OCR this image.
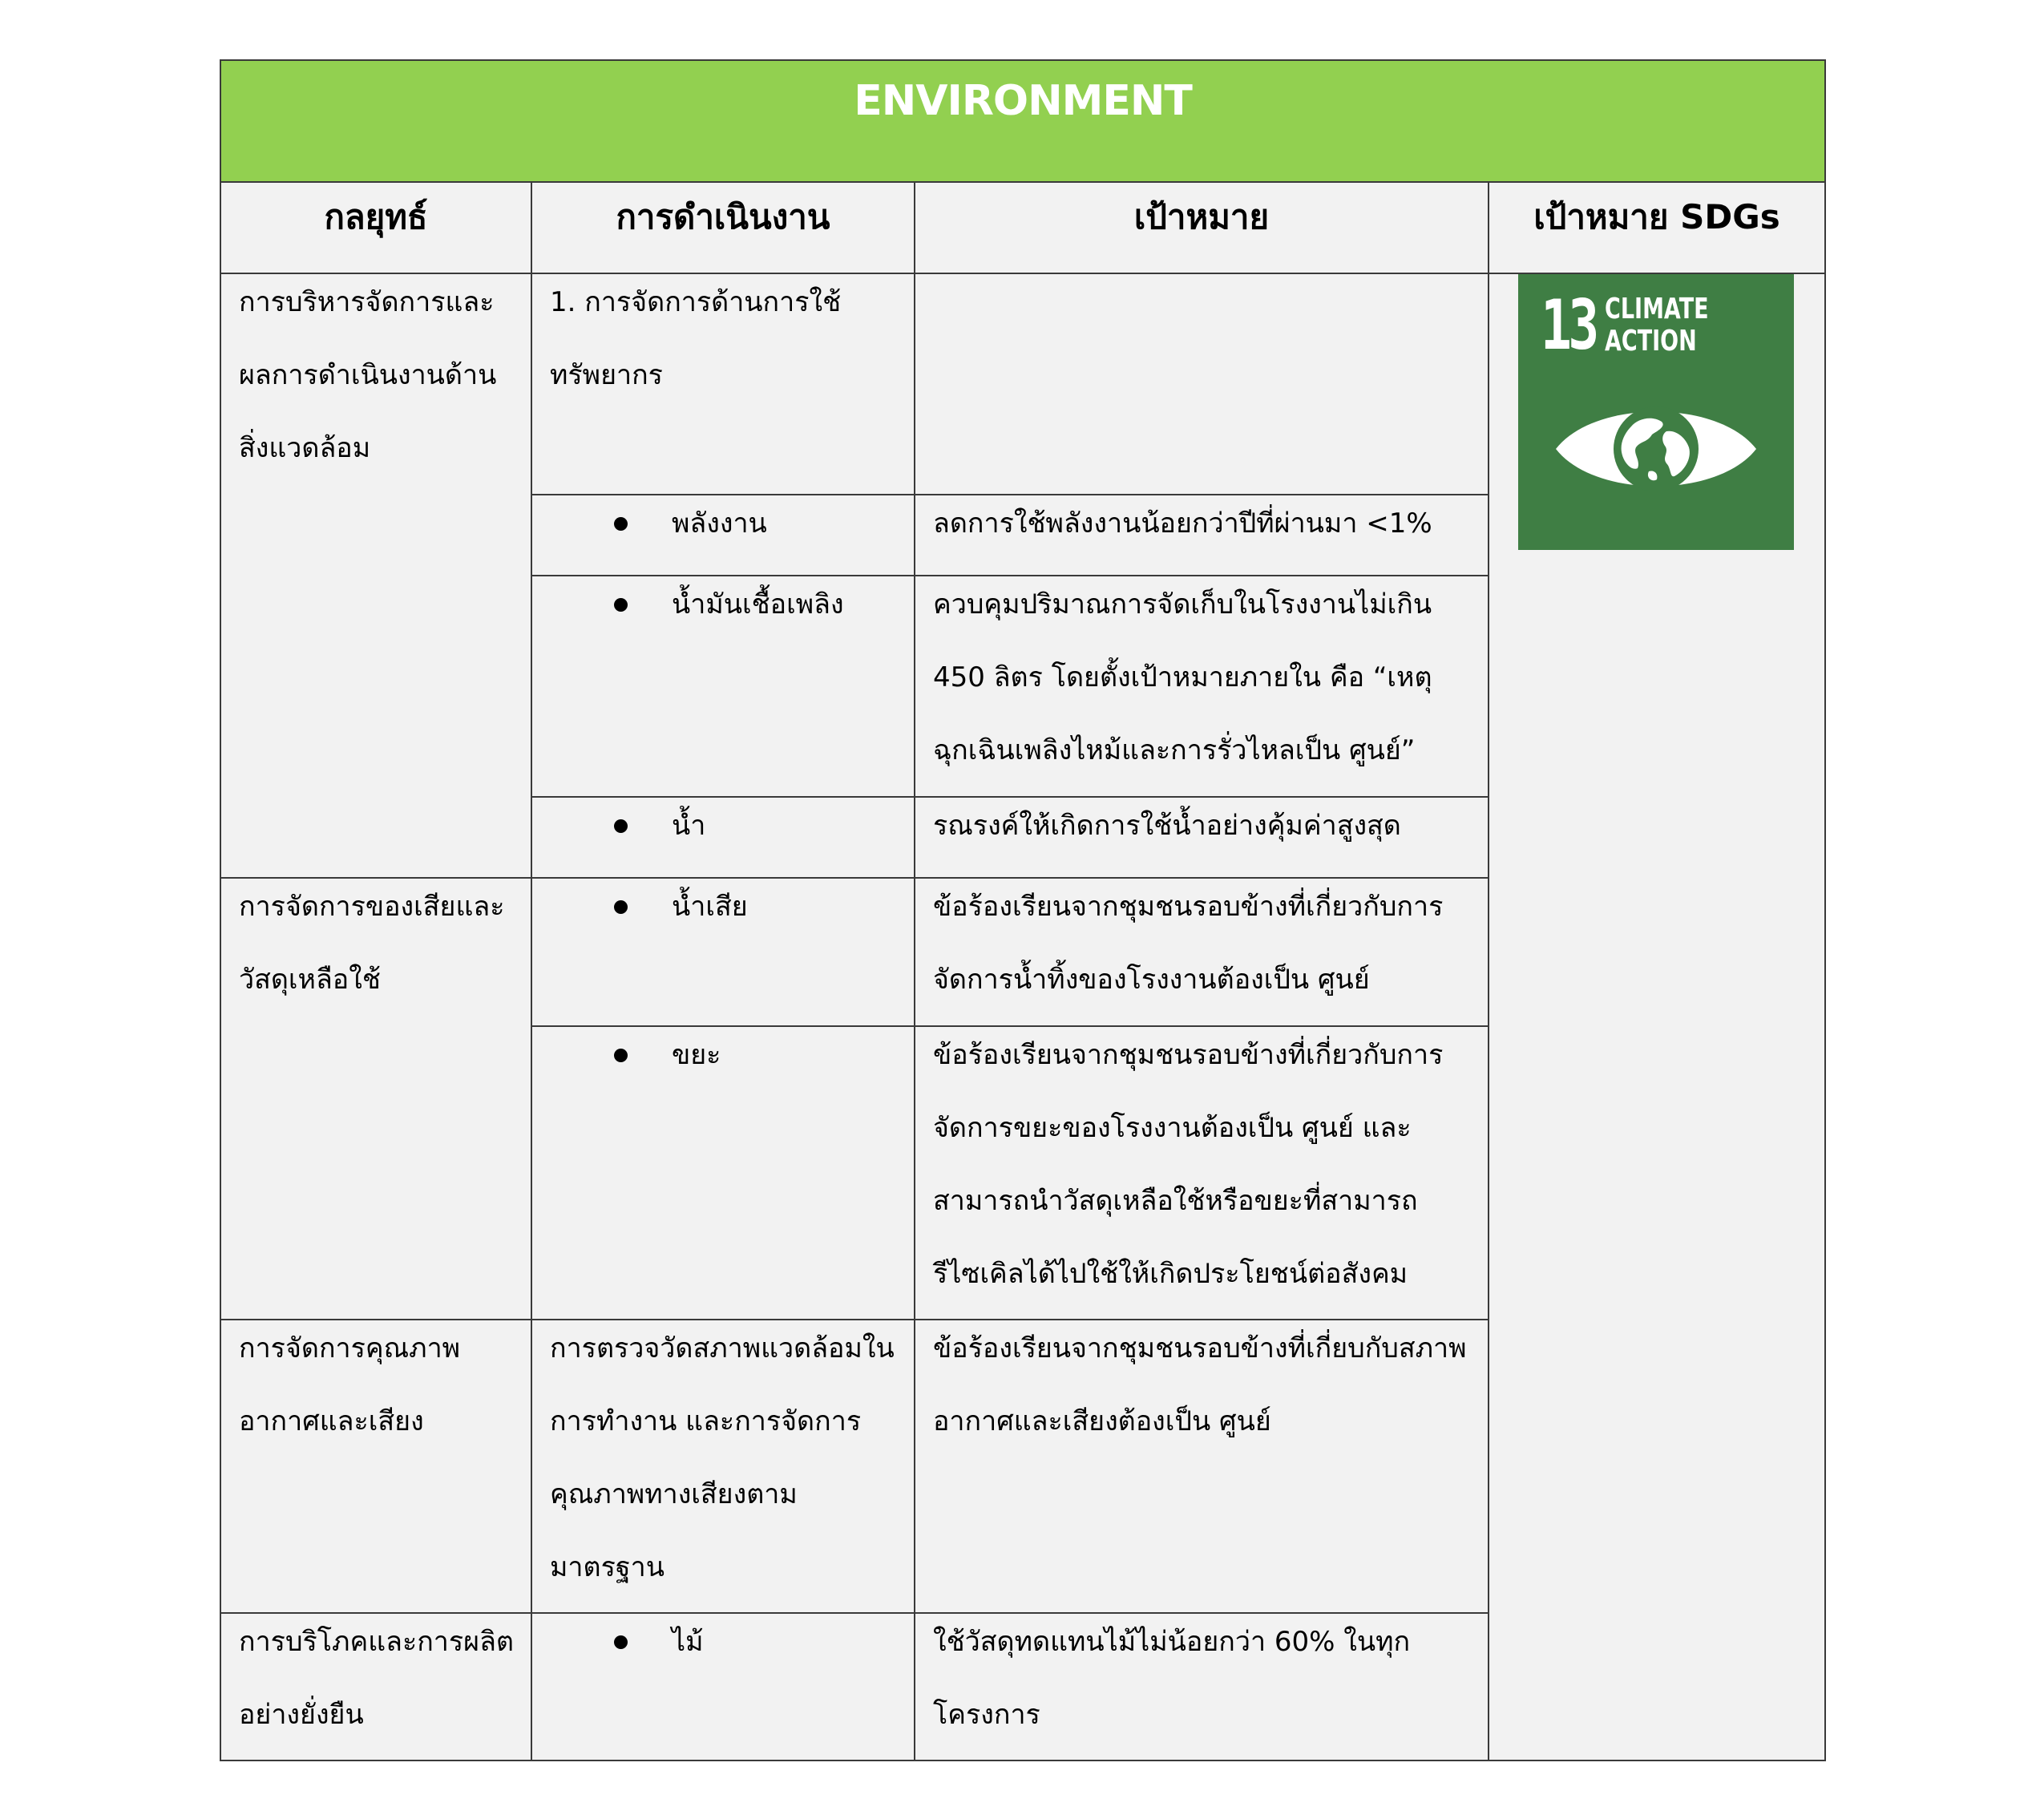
ENVIRONMENT			

กลยุทธ์	การดำเนินงาน	เป้าหมาย	เป้าหมาย SDGs

การบริหารจัดการและผลการดำเนินงานด้านสิ่งแวดล้อม	1. การจัดการด้านการใช้ทรัพยากร		13 CLIMATE
ACTION

	พลังงาน	ลดการใช้พลังงานน้อยกว่าปีที่ผ่านมา <1%	

	น้ำมันเชื้อเพลิง	ควบคุมปริมาณการจัดเก็บในโรงงานไม่เกิน 450 ลิตร โดยตั้งเป้าหมายภายใน คือ “เหตุฉุกเฉินเพลิงไหม้และการรั่วไหลเป็น ศูนย์”	

	น้ำ	รณรงค์ให้เกิดการใช้น้ำอย่างคุ้มค่าสูงสุด	

การจัดการของเสียและวัสดุเหลือใช้	น้ำเสีย	ข้อร้องเรียนจากชุมชนรอบข้างที่เกี่ยวกับการจัดการน้ำทิ้งของโรงงานต้องเป็น ศูนย์	

	ขยะ	ข้อร้องเรียนจากชุมชนรอบข้างที่เกี่ยวกับการจัดการขยะของโรงงานต้องเป็น ศูนย์ และสามารถนำวัสดุเหลือใช้หรือขยะที่สามารถรีไซเคิลได้ไปใช้ให้เกิดประโยชน์ต่อสังคม	

การจัดการคุณภาพอากาศและเสียง	การตรวจวัดสภาพแวดล้อมในการทำงาน และการจัดการคุณภาพทางเสียงตามมาตรฐาน	ข้อร้องเรียนจากชุมชนรอบข้างที่เกี่ยบกับสภาพอากาศและเสียงต้องเป็น ศูนย์	

การบริโภคและการผลิตอย่างยั่งยืน	ไม้	ใช้วัสดุทดแทนไม้ไม่น้อยกว่า 60% ในทุกโครงการ	
